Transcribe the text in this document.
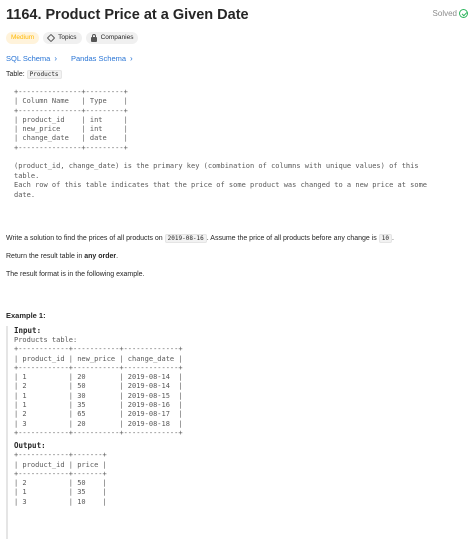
1164. Product Price at a Given Date	Solved
Medium	Topics	Companies
SQL Schema › Pandas Schema ›
Table: Products
+---------------+---------+
| Column Name   | Type    |
+---------------+---------+
| product_id    | int     |
| new_price     | int     |
| change_date   | date    |
+---------------+---------+
(product_id, change_date) is the primary key (combination of columns with unique values) of this
table.
Each row of this table indicates that the price of some product was changed to a new price at some
date.
Write a solution to find the prices of all products on 2019-08-16 . Assume the price of all products before any change is 10 .
Return the result table in any order.
The result format is in the following example.
Example 1:
Input:
Products table:
+------------+-----------+-------------+
| product_id | new_price | change_date |
+------------+-----------+-------------+
| 1          | 20        | 2019-08-14  |
| 2          | 50        | 2019-08-14  |
| 1          | 30        | 2019-08-15  |
| 1          | 35        | 2019-08-16  |
| 2          | 65        | 2019-08-17  |
| 3          | 20        | 2019-08-18  |
+------------+-----------+-------------+
Output:
+------------+-------+
| product_id | price |
+------------+-------+
| 2          | 50    |
| 1          | 35    |
| 3          | 10    |
